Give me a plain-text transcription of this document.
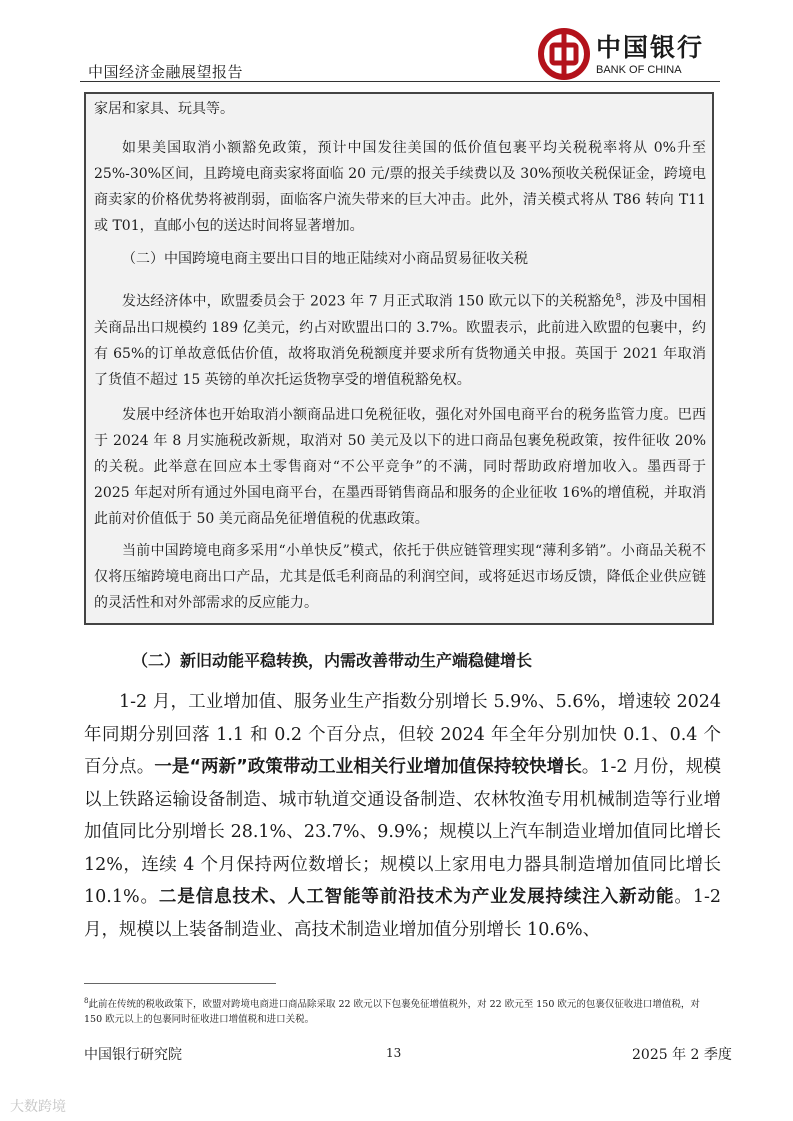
中国经济金融展望报告
中国银行
BANK OF CHINA

家居和家具、玩具等。

如果美国取消小额豁免政策，预计中国发往美国的低价值包裹平均关税税率将从 0%升至 25%-30%区间，且跨境电商卖家将面临 20 元/票的报关手续费以及 30%预收关税保证金，跨境电商卖家的价格优势将被削弱，面临客户流失带来的巨大冲击。此外，清关模式将从 T86 转向 T11 或 T01，直邮小包的送达时间将显著增加。

（二）中国跨境电商主要出口目的地正陆续对小商品贸易征收关税

发达经济体中，欧盟委员会于 2023 年 7 月正式取消 150 欧元以下的关税豁免$^8$，涉及中国相关商品出口规模约 189 亿美元，约占对欧盟出口的 3.7%。欧盟表示，此前进入欧盟的包裹中，约有 65%的订单故意低估价值，故将取消免税额度并要求所有货物通关申报。英国于 2021 年取消了货值不超过 15 英镑的单次托运货物享受的增值税豁免权。

发展中经济体也开始取消小额商品进口免税征收，强化对外国电商平台的税务监管力度。巴西于 2024 年 8 月实施税改新规，取消对 50 美元及以下的进口商品包裹免税政策，按件征收 20%的关税。此举意在回应本土零售商对“不公平竞争”的不满，同时帮助政府增加收入。墨西哥于 2025 年起对所有通过外国电商平台，在墨西哥销售商品和服务的企业征收 16%的增值税，并取消此前对价值低于 50 美元商品免征增值税的优惠政策。

当前中国跨境电商多采用“小单快反”模式，依托于供应链管理实现“薄利多销”。小商品关税不仅将压缩跨境电商出口产品，尤其是低毛利商品的利润空间，或将延迟市场反馈，降低企业供应链的灵活性和对外部需求的反应能力。

（二）新旧动能平稳转换，内需改善带动生产端稳健增长

1-2 月，工业增加值、服务业生产指数分别增长 5.9%、5.6%，增速较 2024 年同期分别回落 1.1 和 0.2 个百分点，但较 2024 年全年分别加快 0.1、0.4 个百分点。一是“两新”政策带动工业相关行业增加值保持较快增长。1-2 月份，规模以上铁路运输设备制造、城市轨道交通设备制造、农林牧渔专用机械制造等行业增加值同比分别增长 28.1%、23.7%、9.9%；规模以上汽车制造业增加值同比增长 12%，连续 4 个月保持两位数增长；规模以上家用电力器具制造增加值同比增长 10.1%。二是信息技术、人工智能等前沿技术为产业发展持续注入新动能。1-2 月，规模以上装备制造业、高技术制造业增加值分别增长 10.6%、

$^8$此前在传统的税收政策下，欧盟对跨境电商进口商品除采取 22 欧元以下包裹免征增值税外，对 22 欧元至 150 欧元的包裹仅征收进口增值税，对 150 欧元以上的包裹同时征收进口增值税和进口关税。

中国银行研究院	13	2025 年 2 季度
大数跨境
